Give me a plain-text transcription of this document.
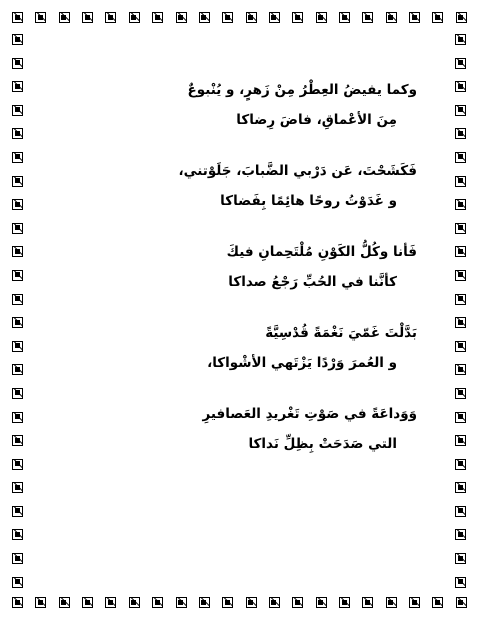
وكما يفيضُ العِطْرُ مِنْ زَهرٍ، و يُنْبوعٌ
مِنَ الأعْماقِ، فاضَ رِضاكا
فَكَشَحْتَ، عَن دَرْبي الضَّبابَ، جَلَوْتني،
و غَدَوْتُ روحًا هائِمًا بِفَضاكا
فَأنا وكُلُّ الكَوْنِ مُلْتَحِمانِ فيكَ
كأنَّنا في الحُبِّ رَجْعُ صداكا
بَدَّلْتَ غَمّيَ نَغْمَةً قُدْسِيَّةً
و العُمرَ وَرْدًا يَزْتَهي الأشْواكا،
وَوَداعَةً في صَوْتِ تَغْريدِ العَصافيرِ
التي صَدَحَتْ بِظِلِّ نَداكا
